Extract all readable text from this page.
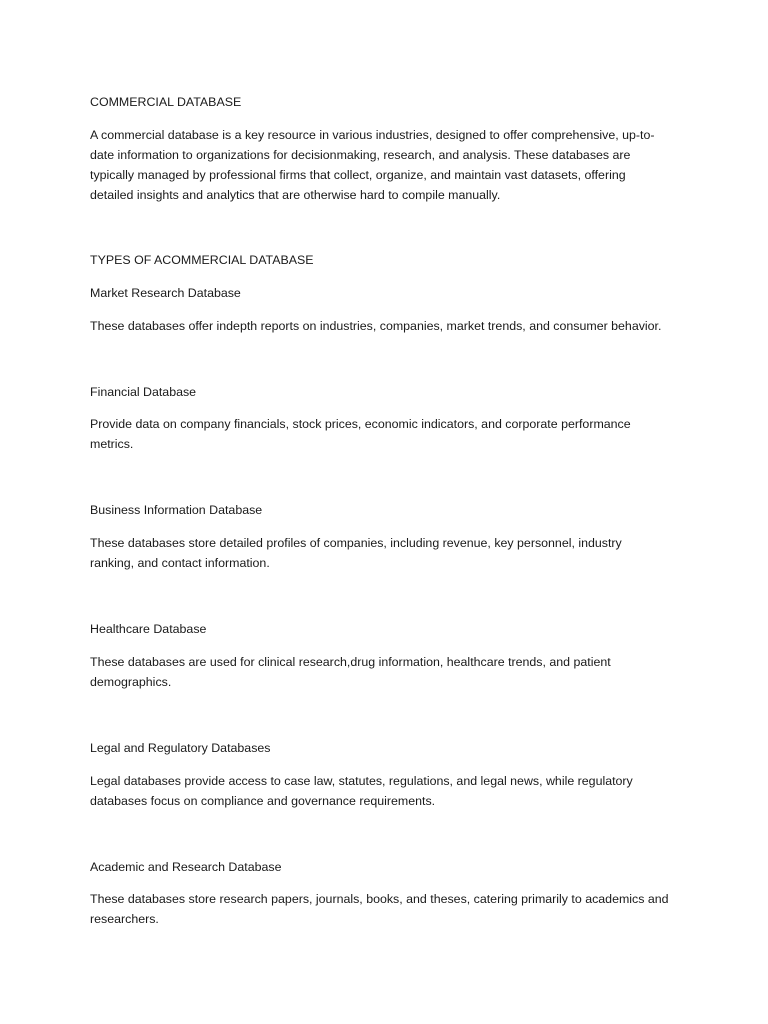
COMMERCIAL DATABASE

A commercial database is a key resource in various industries, designed to offer comprehensive, up-to-date information to organizations for decisionmaking, research, and analysis. These databases are typically managed by professional firms that collect, organize, and maintain vast datasets, offering detailed insights and analytics that are otherwise hard to compile manually.

TYPES OF ACOMMERCIAL DATABASE

Market Research Database

These databases offer indepth reports on industries, companies, market trends, and consumer behavior.

Financial Database

Provide data on company financials, stock prices, economic indicators, and corporate performance metrics.

Business Information Database

These databases store detailed profiles of companies, including revenue, key personnel, industry ranking, and contact information.

Healthcare Database

These databases are used for clinical research,drug information, healthcare trends, and patient demographics.

Legal and Regulatory Databases

Legal databases provide access to case law, statutes, regulations, and legal news, while regulatory databases focus on compliance and governance requirements.

Academic and Research Database

These databases store research papers, journals, books, and theses, catering primarily to academics and researchers.
